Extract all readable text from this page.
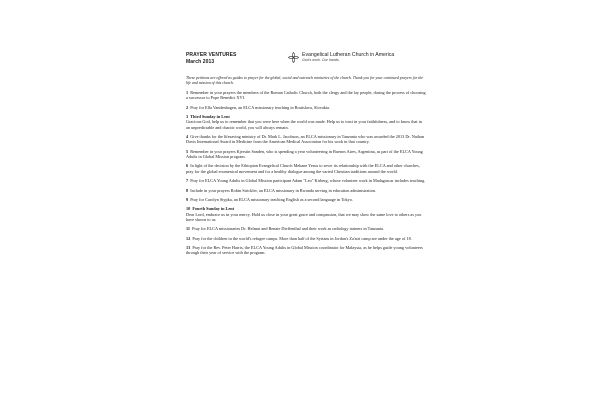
PRAYER VENTURES
March 2013
Evangelical Lutheran Church in America
God's work. Our hands.

These petitions are offered as guides to prayer for the global, social and outreach ministries of the church. Thank you for your continued prayers for the life and mission of this church.

1 Remember in your prayers the members of the Roman Catholic Church, both the clergy and the lay people, during the process of choosing a successor to Pope Benedict XVI.

2 Pray for Ella Vandenhogen, an ELCA missionary teaching in Bratislava, Slovakia.

3 Third Sunday in Lent
Gracious God, help us to remember that you were here when the world was made. Help us to trust in your faithfulness, and to know that in an unpredictable and chaotic world, you will always remain.

4 Give thanks for the lifesaving ministry of Dr. Mark L. Jacobson, an ELCA missionary in Tanzania who was awarded the 2013 Dr. Nathan Davis International Award in Medicine from the American Medical Association for his work in that country.

5 Remember in your prayers Kjerstin Sanden, who is spending a year volunteering in Buenos Aires, Argentina, as part of the ELCA Young Adults in Global Mission program.

6 In light of the decision by the Ethiopian Evangelical Church Mekane Yesus to sever its relationship with the ELCA and other churches, pray for the global ecumenical movement and for a healthy dialogue among the varied Christian traditions around the world.

7 Pray for ELCA Young Adults in Global Mission participant Adam "Leo" Kirberg, whose volunteer work in Madagascar includes teaching.

8 Include in your prayers Robin Strickler, an ELCA missionary in Rwanda serving in education administration.

9 Pray for Carolyn Stypka, an ELCA missionary teaching English as a second language in Tokyo.

10 Fourth Sunday in Lent
Dear Lord, embrace us in your mercy. Hold us close in your great grace and compassion, that we may show the same love to others as you have shown to us.

11 Pray for ELCA missionaries Dr. Helmut and Renate Dieffenthal and their work as radiology trainers in Tanzania.

12 Pray for the children in the world's refugee camps. More than half of the Syrians in Jordan's Za'atri camp are under the age of 18.

13 Pray for the Rev. Peter Harris, the ELCA Young Adults in Global Mission coordinator for Malaysia, as he helps guide young volunteers through their year of service with the program.
